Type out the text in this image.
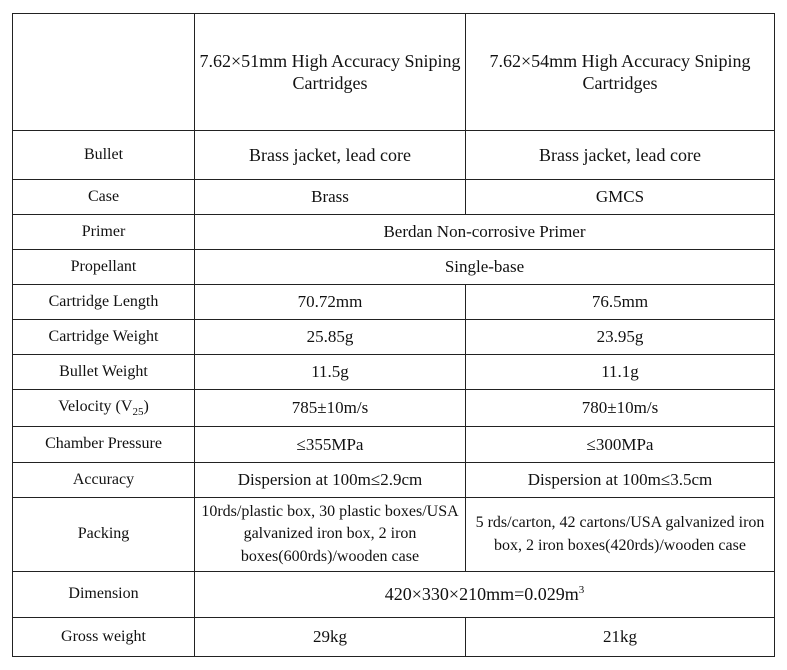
	7.62×51mm High Accuracy Sniping Cartridges	7.62×54mm High Accuracy Sniping Cartridges
Bullet	Brass jacket, lead core	Brass jacket, lead core
Case	Brass	GMCS
Primer	Berdan Non-corrosive Primer	
Propellant	Single-base	
Cartridge Length	70.72mm	76.5mm
Cartridge Weight	25.85g	23.95g
Bullet Weight	11.5g	11.1g
Velocity $(V_{25})$	785±10m/s	780±10m/s
Chamber Pressure	≤355MPa	≤300MPa
Accuracy	Dispersion at 100m≤2.9cm	Dispersion at 100m≤3.5cm
Packing	10rds/plastic box, 30 plastic boxes/USA galvanized iron box, 2 iron boxes(600rds)/wooden case	5 rds/carton, 42 cartons/USA galvanized iron box, 2 iron boxes(420rds)/wooden case
Dimension	$420\times 330\times 210mm=0.029m^3$
Gross weight	29kg	21kg
